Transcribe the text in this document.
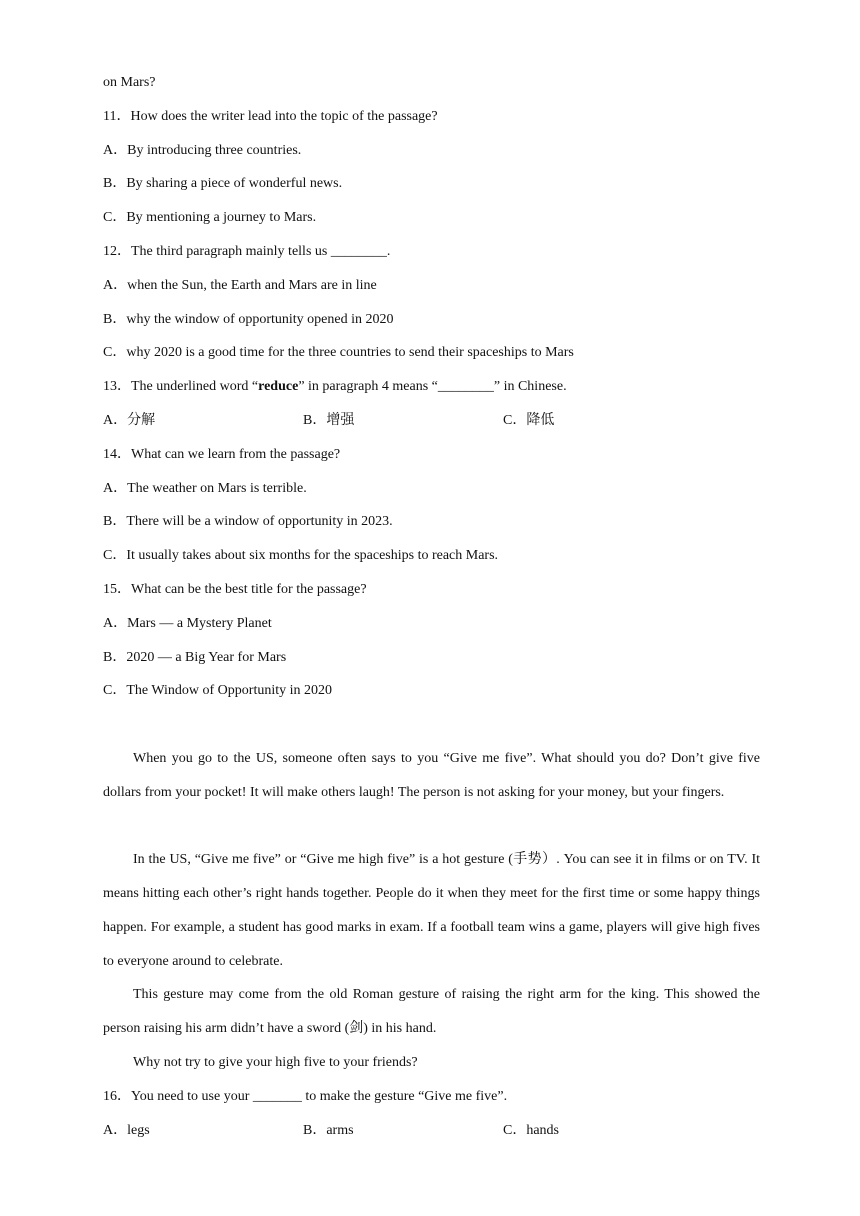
on Mars?
11．How does the writer lead into the topic of the passage?
A．By introducing three countries.
B．By sharing a piece of wonderful news.
C．By mentioning a journey to Mars.
12．The third paragraph mainly tells us ________.
A．when the Sun, the Earth and Mars are in line
B．why the window of opportunity opened in 2020
C．why 2020 is a good time for the three countries to send their spaceships to Mars
13．The underlined word “reduce” in paragraph 4 means “________” in Chinese.
A．分解	B．增强	C．降低
14．What can we learn from the passage?
A．The weather on Mars is terrible.
B．There will be a window of opportunity in 2023.
C．It usually takes about six months for the spaceships to reach Mars.
15．What can be the best title for the passage?
A．Mars — a Mystery Planet
B．2020 — a Big Year for Mars
C．The Window of Opportunity in 2020
When you go to the US, someone often says to you “Give me five”. What should you do? Don’t give five dollars from your pocket! It will make others laugh! The person is not asking for your money, but your fingers.
In the US, “Give me five” or “Give me high five” is a hot gesture (手势）. You can see it in films or on TV. It means hitting each other’s right hands together. People do it when they meet for the first time or some happy things happen. For example, a student has good marks in exam. If a football team wins a game, players will give high fives to everyone around to celebrate.
This gesture may come from the old Roman gesture of raising the right arm for the king. This showed the person raising his arm didn’t have a sword (剑) in his hand.
Why not try to give your high five to your friends?
16．You need to use your _______ to make the gesture “Give me five”.
A．legs	B．arms	C．hands
